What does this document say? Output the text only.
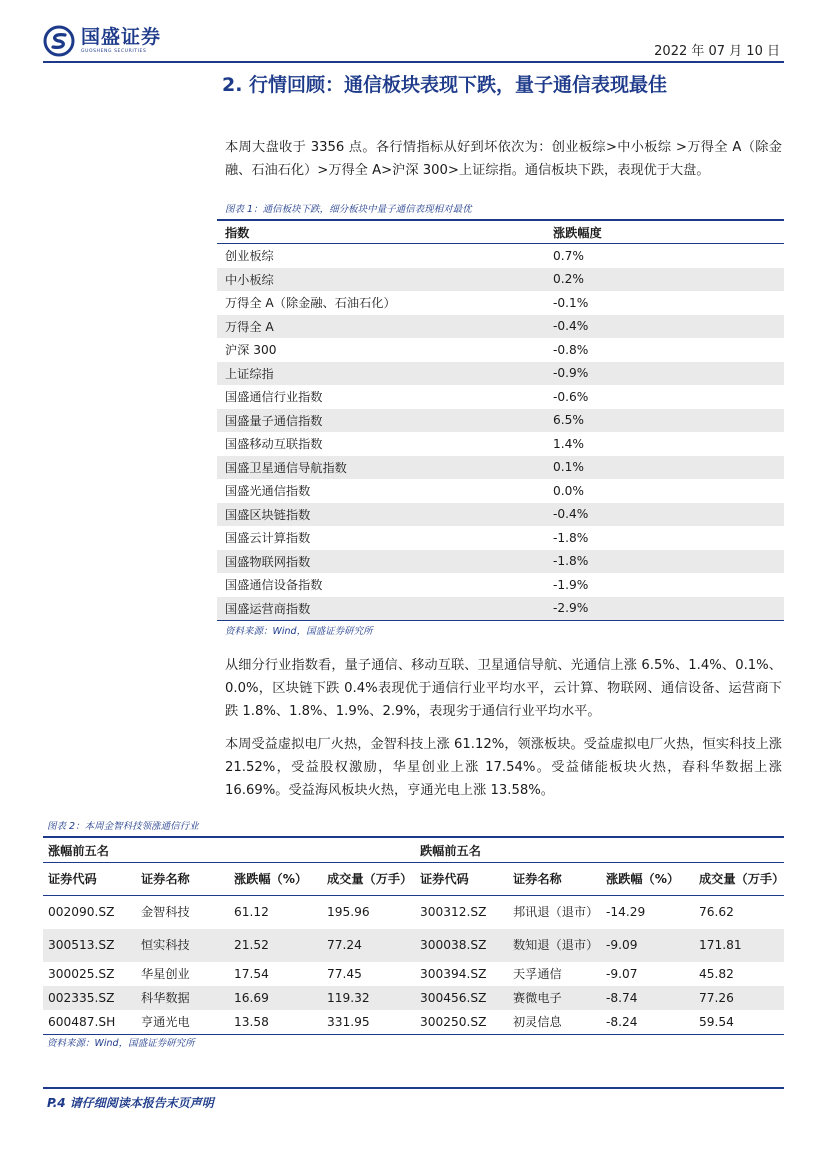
国盛证券
GUOSHENG SECURITIES	2022 年 07 月 10 日
2. 行情回顾：通信板块表现下跌，量子通信表现最佳
本周大盘收于 3356 点。各行情指标从好到坏依次为：创业板综>中小板综 >万得全 A（除金融、石油石化）>万得全 A>沪深 300>上证综指。通信板块下跌，表现优于大盘。
图表 1：通信板块下跌，细分板块中量子通信表现相对最优
指数	涨跌幅度
创业板综	0.7%
中小板综	0.2%
万得全 A（除金融、石油石化）	-0.1%
万得全 A	-0.4%
沪深 300	-0.8%
上证综指	-0.9%
国盛通信行业指数	-0.6%
国盛量子通信指数	6.5%
国盛移动互联指数	1.4%
国盛卫星通信导航指数	0.1%
国盛光通信指数	0.0%
国盛区块链指数	-0.4%
国盛云计算指数	-1.8%
国盛物联网指数	-1.8%
国盛通信设备指数	-1.9%
国盛运营商指数	-2.9%
资料来源：Wind，国盛证券研究所
从细分行业指数看，量子通信、移动互联、卫星通信导航、光通信上涨 6.5%、1.4%、0.1%、0.0%，区块链下跌 0.4%表现优于通信行业平均水平，云计算、物联网、通信设备、运营商下跌 1.8%、1.8%、1.9%、2.9%，表现劣于通信行业平均水平。
本周受益虚拟电厂火热，金智科技上涨 61.12%，领涨板块。受益虚拟电厂火热，恒实科技上涨 21.52%，受益股权激励，华星创业上涨 17.54%。受益储能板块火热，春科华数据上涨 16.69%。受益海风板块火热，亨通光电上涨 13.58%。
图表 2：本周金智科技领涨通信行业
涨幅前五名				跌幅前五名			
证券代码	证券名称	涨跌幅（%）	成交量（万手）	证券代码	证券名称	涨跌幅（%）	成交量（万手）
002090.SZ	金智科技	61.12	195.96	300312.SZ	邦讯退（退市）	-14.29	76.62
300513.SZ	恒实科技	21.52	77.24	300038.SZ	数知退（退市）	-9.09	171.81
300025.SZ	华星创业	17.54	77.45	300394.SZ	天孚通信	-9.07	45.82
002335.SZ	科华数据	16.69	119.32	300456.SZ	赛微电子	-8.74	77.26
600487.SH	亨通光电	13.58	331.95	300250.SZ	初灵信息	-8.24	59.54
资料来源：Wind，国盛证券研究所
P.4 请仔细阅读本报告末页声明
